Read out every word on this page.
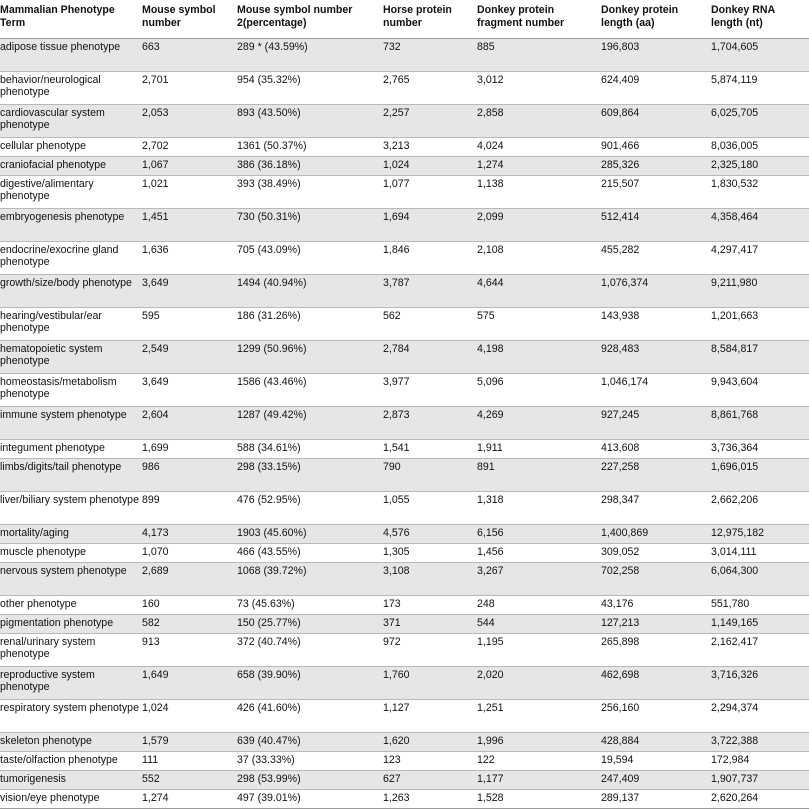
Mammalian Phenotype Term	Mouse symbol number	Mouse symbol number 2(percentage)	Horse protein number	Donkey protein fragment number	Donkey protein length (aa)	Donkey RNA length (nt)
adipose tissue phenotype	663	289 * (43.59%)	732	885	196,803	1,704,605
behavior/neurological phenotype	2,701	954 (35.32%)	2,765	3,012	624,409	5,874,119
cardiovascular system phenotype	2,053	893 (43.50%)	2,257	2,858	609,864	6,025,705
cellular phenotype	2,702	1361 (50.37%)	3,213	4,024	901,466	8,036,005
craniofacial phenotype	1,067	386 (36.18%)	1,024	1,274	285,326	2,325,180
digestive/alimentary phenotype	1,021	393 (38.49%)	1,077	1,138	215,507	1,830,532
embryogenesis phenotype	1,451	730 (50.31%)	1,694	2,099	512,414	4,358,464
endocrine/exocrine gland phenotype	1,636	705 (43.09%)	1,846	2,108	455,282	4,297,417
growth/size/body phenotype	3,649	1494 (40.94%)	3,787	4,644	1,076,374	9,211,980
hearing/vestibular/ear phenotype	595	186 (31.26%)	562	575	143,938	1,201,663
hematopoietic system phenotype	2,549	1299 (50.96%)	2,784	4,198	928,483	8,584,817
homeostasis/metabolism phenotype	3,649	1586 (43.46%)	3,977	5,096	1,046,174	9,943,604
immune system phenotype	2,604	1287 (49.42%)	2,873	4,269	927,245	8,861,768
integument phenotype	1,699	588 (34.61%)	1,541	1,911	413,608	3,736,364
limbs/digits/tail phenotype	986	298 (33.15%)	790	891	227,258	1,696,015
liver/biliary system phenotype	899	476 (52.95%)	1,055	1,318	298,347	2,662,206
mortality/aging	4,173	1903 (45.60%)	4,576	6,156	1,400,869	12,975,182
muscle phenotype	1,070	466 (43.55%)	1,305	1,456	309,052	3,014,111
nervous system phenotype	2,689	1068 (39.72%)	3,108	3,267	702,258	6,064,300
other phenotype	160	73 (45.63%)	173	248	43,176	551,780
pigmentation phenotype	582	150 (25.77%)	371	544	127,213	1,149,165
renal/urinary system phenotype	913	372 (40.74%)	972	1,195	265,898	2,162,417
reproductive system phenotype	1,649	658 (39.90%)	1,760	2,020	462,698	3,716,326
respiratory system phenotype	1,024	426 (41.60%)	1,127	1,251	256,160	2,294,374
skeleton phenotype	1,579	639 (40.47%)	1,620	1,996	428,884	3,722,388
taste/olfaction phenotype	111	37 (33.33%)	123	122	19,594	172,984
tumorigenesis	552	298 (53.99%)	627	1,177	247,409	1,907,737
vision/eye phenotype	1,274	497 (39.01%)	1,263	1,528	289,137	2,620,264
